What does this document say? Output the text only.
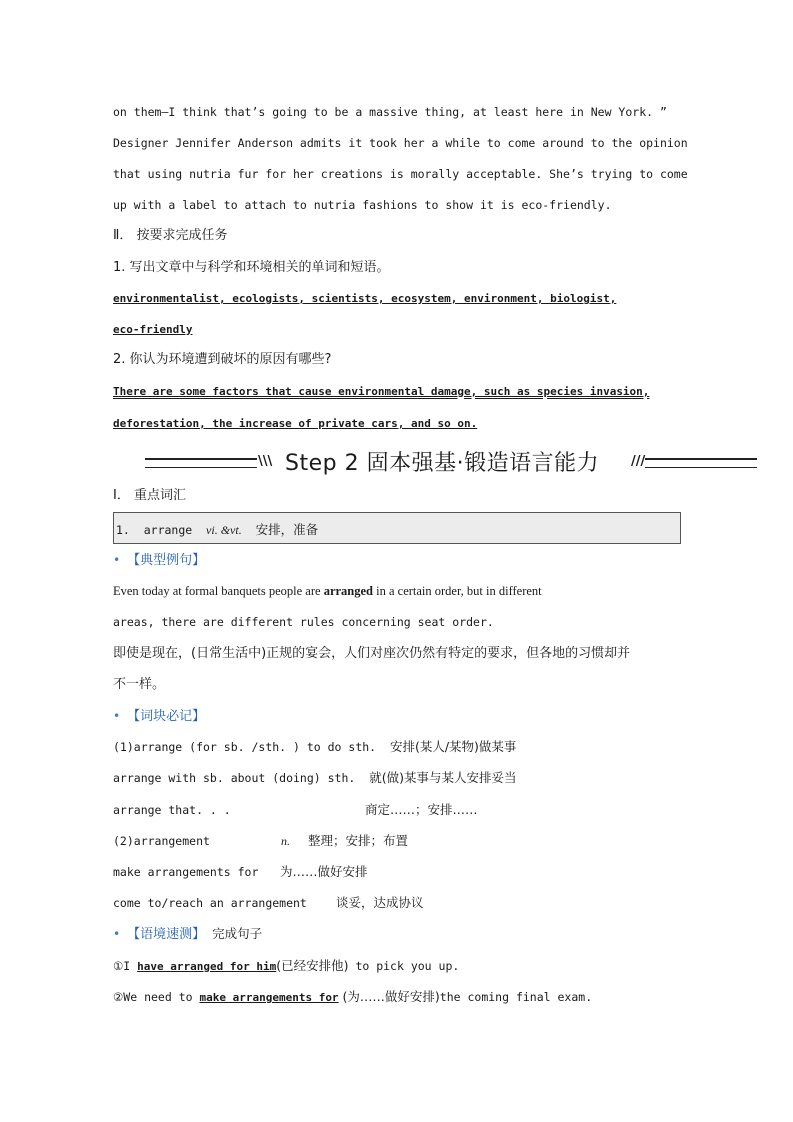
on them—I think that’s going to be a massive thing, at least here in New York. ”
Designer Jennifer Anderson admits it took her a while to come around to the opinion
that using nutria fur for her creations is morally acceptable. She’s trying to come
up with a label to attach to nutria fashions to show it is eco-friendly.
Ⅱ． 按要求完成任务
1. 写出文章中与科学和环境相关的单词和短语。
environmentalist, ecologists, scientists, ecosystem, environment, biologist,
eco-friendly
2. 你认为环境遭到破坏的原因有哪些?
There are some factors that cause environmental damage, such as species invasion,
deforestation, the increase of private cars, and so on.
\\\ Step 2 固本强基·锻造语言能力 ///
Ⅰ． 重点词汇
1. arrange vi. &vt. 安排，准备
• 【典型例句】
Even today at formal banquets people are arranged in a certain order, but in different
areas, there are different rules concerning seat order.
即使是现在，(日常生活中)正规的宴会，人们对座次仍然有特定的要求，但各地的习惯却并
不一样。
• 【词块必记】
(1)arrange (for sb. /sth. ) to do sth. 安排(某人/某物)做某事
arrange with sb. about (doing) sth. 就(做)某事与某人安排妥当
arrange that. . .	商定……；安排……
(2)arrangement	n. 整理；安排；布置
make arrangements for 为……做好安排
come to/reach an arrangement 谈妥，达成协议
• 【语境速测】 完成句子
①I have arranged for him(已经安排他) to pick you up.
②We need to make arrangements for (为……做好安排)the coming final exam.
